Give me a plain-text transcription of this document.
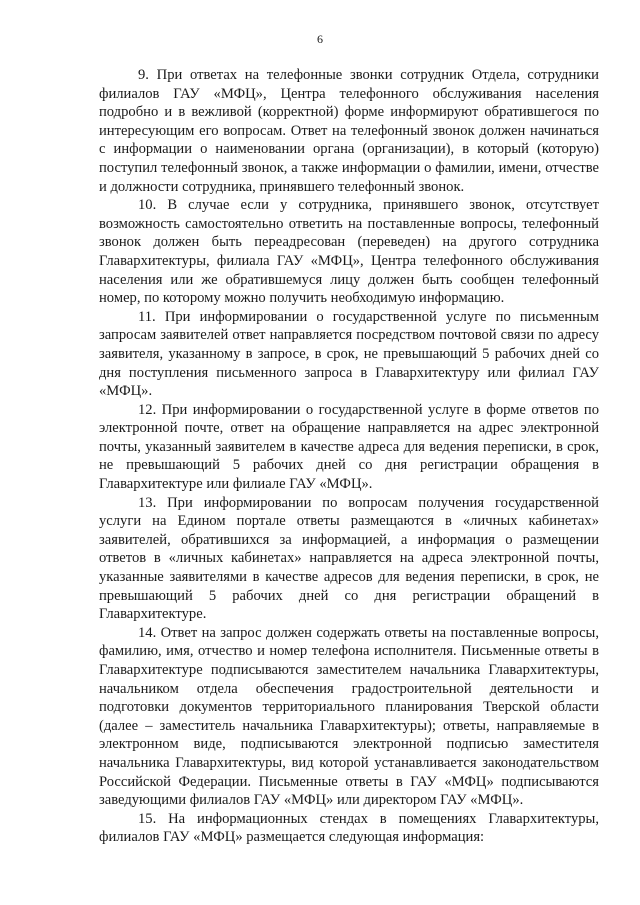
6

9. При ответах на телефонные звонки сотрудник Отдела, сотрудники филиалов ГАУ «МФЦ», Центра телефонного обслуживания населения подробно и в вежливой (корректной) форме информируют обратившегося по интересующим его вопросам. Ответ на телефонный звонок должен начинаться с информации о наименовании органа (организации), в который (которую) поступил телефонный звонок, а также информации о фамилии, имени, отчестве и должности сотрудника, принявшего телефонный звонок.

10. В случае если у сотрудника, принявшего звонок, отсутствует возможность самостоятельно ответить на поставленные вопросы, телефонный звонок должен быть переадресован (переведен) на другого сотрудника Главархитектуры, филиала ГАУ «МФЦ», Центра телефонного обслуживания населения или же обратившемуся лицу должен быть сообщен телефонный номер, по которому можно получить необходимую информацию.

11. При информировании о государственной услуге по письменным запросам заявителей ответ направляется посредством почтовой связи по адресу заявителя, указанному в запросе, в срок, не превышающий 5 рабочих дней со дня поступления письменного запроса в Главархитектуру или филиал ГАУ «МФЦ».

12. При информировании о государственной услуге в форме ответов по электронной почте, ответ на обращение направляется на адрес электронной почты, указанный заявителем в качестве адреса для ведения переписки, в срок, не превышающий 5 рабочих дней со дня регистрации обращения в Главархитектуре или филиале ГАУ «МФЦ».

13. При информировании по вопросам получения государственной услуги на Едином портале ответы размещаются в «личных кабинетах» заявителей, обратившихся за информацией, а информация о размещении ответов в «личных кабинетах» направляется на адреса электронной почты, указанные заявителями в качестве адресов для ведения переписки, в срок, не превышающий 5 рабочих дней со дня регистрации обращений в Главархитектуре.

14. Ответ на запрос должен содержать ответы на поставленные вопросы, фамилию, имя, отчество и номер телефона исполнителя. Письменные ответы в Главархитектуре подписываются заместителем начальника Главархитектуры, начальником отдела обеспечения градостроительной деятельности и подготовки документов территориального планирования Тверской области (далее – заместитель начальника Главархитектуры); ответы, направляемые в электронном виде, подписываются электронной подписью заместителя начальника Главархитектуры, вид которой устанавливается законодательством Российской Федерации. Письменные ответы в ГАУ «МФЦ» подписываются заведующими филиалов ГАУ «МФЦ» или директором ГАУ «МФЦ».

15. На информационных стендах в помещениях Главархитектуры, филиалов ГАУ «МФЦ» размещается следующая информация:
